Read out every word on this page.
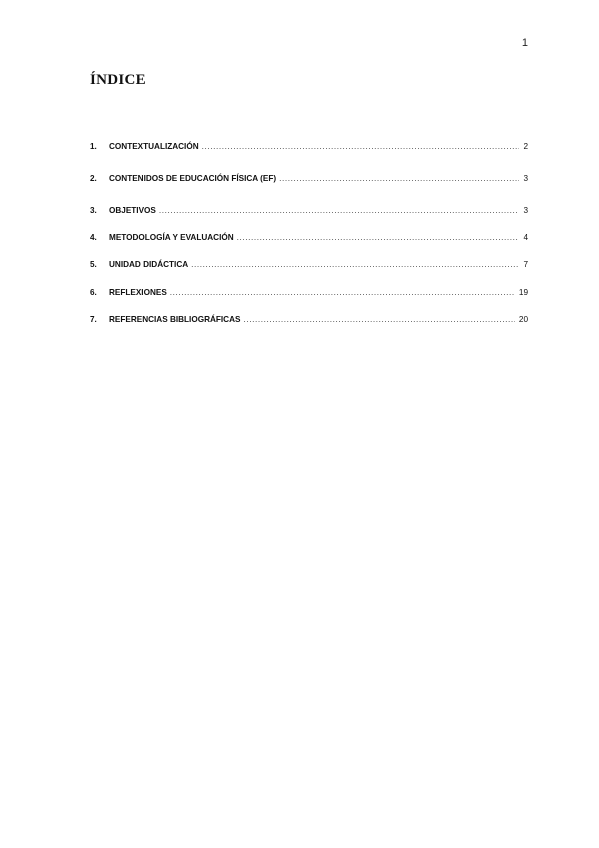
1
ÍNDICE
1.	CONTEXTUALIZACIÓN .....	2
2.	CONTENIDOS DE EDUCACIÓN FÍSICA (EF) .....	3
3.	OBJETIVOS .....	3
4.	METODOLOGÍA Y EVALUACIÓN .....	4
5.	UNIDAD DIDÁCTICA .....	7
6.	REFLEXIONES .....	19
7.	REFERENCIAS BIBLIOGRÁFICAS .....	20
